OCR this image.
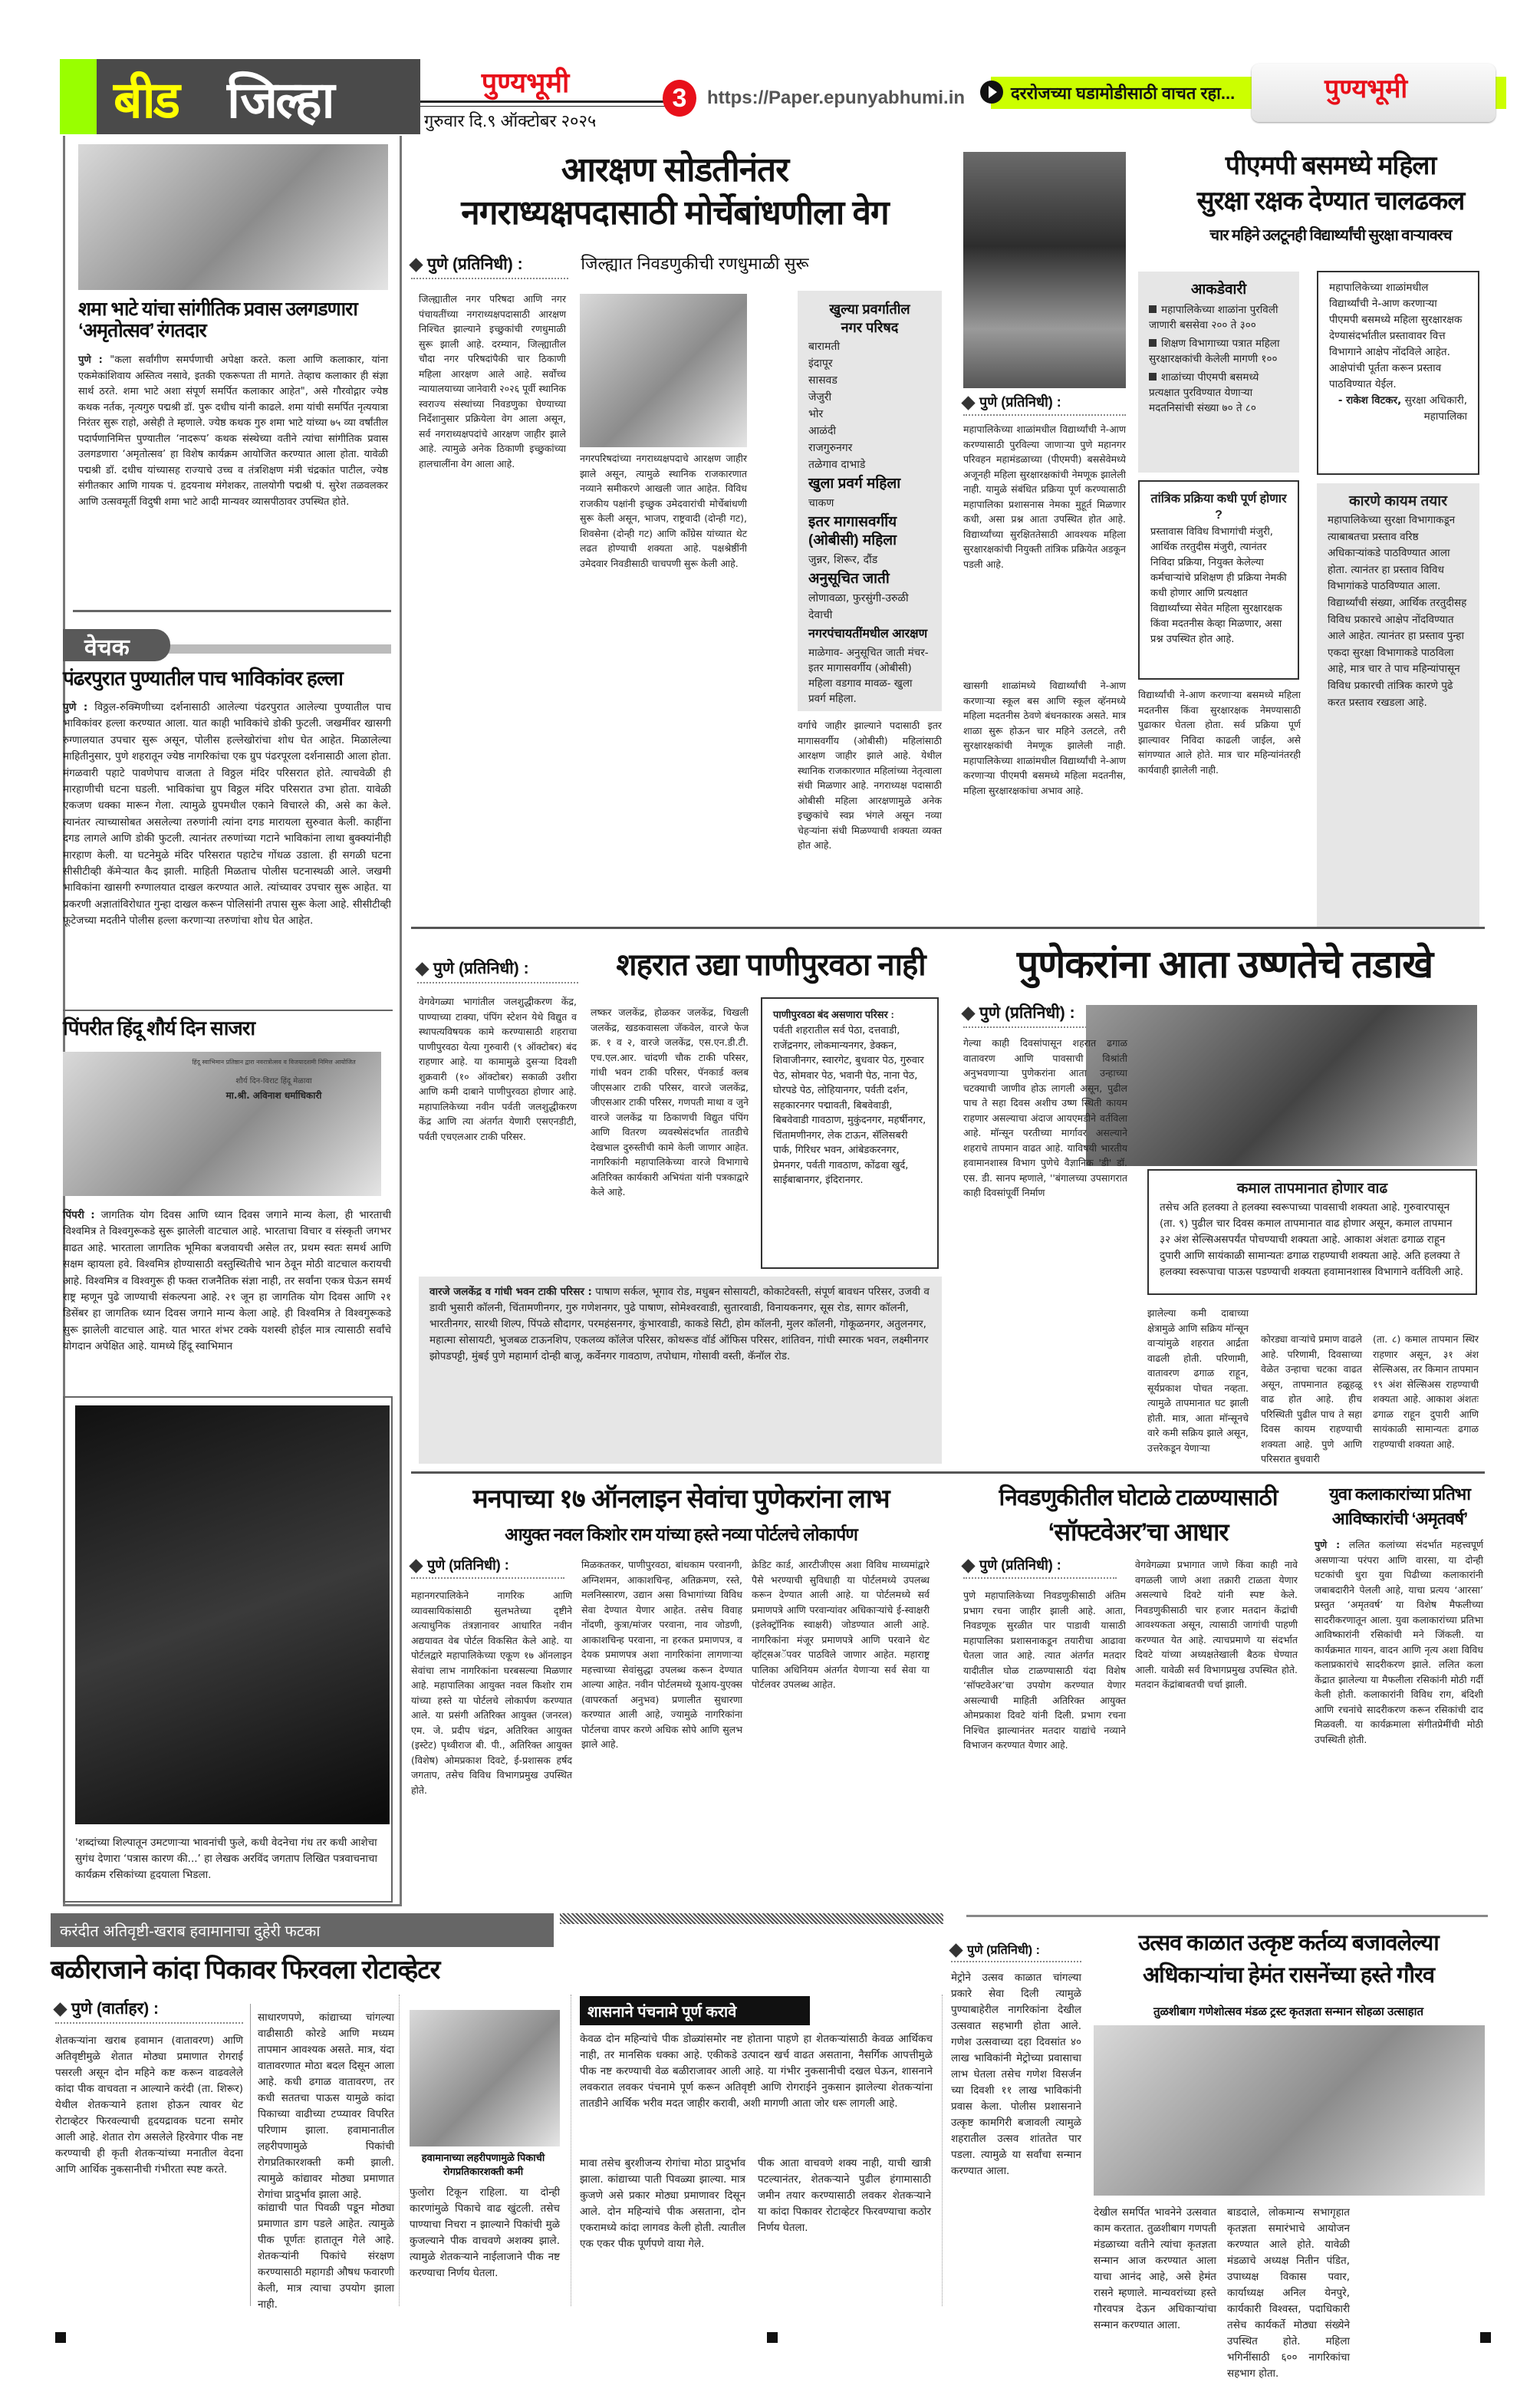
बीड जिल्हा	पुण्यभूमी
गुरुवार दि.९ ऑक्टोबर २०२५
3	https://Paper.epunyabhumi.in	दररोजच्या घडामोडीसाठी वाचत रहा...	पुण्यभूमी
शमा भाटे यांचा सांगीतिक प्रवास उलगडणारा ‘अमृतोत्सव’ रंगतदार
पुणे : "कला सर्वांगीण समर्पणाची अपेक्षा करते. कला आणि कलाकार, यांना एकमेकांशिवाय अस्तित्व नसावे, इतकी एकरूपता ती मागते. तेव्हाच कलाकार ही संज्ञा सार्थ ठरते. शमा भाटे अशा संपूर्ण समर्पित कलाकार आहेत", असे गौरवोद्गार ज्येष्ठ कथक नर्तक, नृत्यगुरु पद्मश्री डॉ. पुरू दधीच यांनी काढले. शमा यांची समर्पित नृत्ययात्रा निरंतर सुरू राहो, असेही ते म्हणाले. ज्येष्ठ कथक गुरु शमा भाटे यांच्या ७५ व्या वर्षांतील पदार्पणानिमित्त पुण्यातील ‘नादरूप’ कथक संस्थेच्या वतीने त्यांचा सांगीतिक प्रवास उलगडणारा ‘अमृतोत्सव’ हा विशेष कार्यक्रम आयोजित करण्यात आला होता. यावेळी पद्मश्री डॉ. दधीच यांच्यासह राज्याचे उच्च व तंत्रशिक्षण मंत्री चंद्रकांत पाटील, ज्येष्ठ संगीतकार आणि गायक पं. हृदयनाथ मंगेशकर, तालयोगी पद्मश्री पं. सुरेश तळवलकर आणि उत्सवमूर्ती विदुषी शमा भाटे आदी मान्यवर व्यासपीठावर उपस्थित होते.
वेचक
पंढरपुरात पुण्यातील पाच भाविकांवर हल्ला
पुणे : विठ्ठल-रुक्मिणीच्या दर्शनासाठी आलेल्या पंढरपुरात आलेल्या पुण्यातील पाच भाविकांवर हल्ला करण्यात आला. यात काही भाविकांचे डोकी फुटली. जखमींवर खासगी रुग्णालयात उपचार सुरू असून, पोलीस हल्लेखोरांचा शोध घेत आहेत. मिळालेल्या माहितीनुसार, पुणे शहरातून ज्येष्ठ नागरिकांचा एक ग्रुप पंढरपूरला दर्शनासाठी आला होता. मंगळवारी पहाटे पावणेपाच वाजता ते विठ्ठल मंदिर परिसरात होते. त्याचवेळी ही मारहाणीची घटना घडली. भाविकांचा ग्रुप विठ्ठल मंदिर परिसरात उभा होता. यावेळी एकजण धक्का मारून गेला. त्यामुळे ग्रुपमधील एकाने विचारले की, असे का केले. त्यानंतर त्याच्यासोबत असलेल्या तरुणांनी त्यांना दगड मारायला सुरुवात केली. काहींना दगड लागले आणि डोकी फुटली. त्यानंतर तरुणांच्या गटाने भाविकांना लाथा बुक्क्यांनीही मारहाण केली. या घटनेमुळे मंदिर परिसरात पहाटेच गोंधळ उडाला. ही सगळी घटना सीसीटीव्ही कॅमेऱ्यात कैद झाली. माहिती मिळताच पोलीस घटनास्थळी आले. जखमी भाविकांना खासगी रुग्णालयात दाखल करण्यात आले. त्यांच्यावर उपचार सुरू आहेत. या प्रकरणी अज्ञातांविरोधात गुन्हा दाखल करून पोलिसांनी तपास सुरू केला आहे. सीसीटीव्ही फूटेजच्या मदतीने पोलीस हल्ला करणाऱ्या तरुणांचा शोध घेत आहेत.
पिंपरीत हिंदू शौर्य दिन साजरा
हिंदू स्वाभिमान प्रतिष्ठान द्वारा नवरात्रोत्सव व विजयादशमी निमित्त आयोजित
शौर्य दिन-विराट हिंदू मेळावा
मा.श्री. अविनाश धर्माधिकारी
पिंपरी : जागतिक योग दिवस आणि ध्यान दिवस जगाने मान्य केला, ही भारताची विश्वमित्र ते विश्वगुरूकडे सुरू झालेली वाटचाल आहे. भारताचा विचार व संस्कृती जगभर वाढत आहे. भारताला जागतिक भूमिका बजवायची असेल तर, प्रथम स्वतः समर्थ आणि सक्षम व्हायला हवे. विश्वमित्र होण्यासाठी वस्तुस्थितीचे भान ठेवून मोठी वाटचाल करायची आहे. विश्वमित्र व विश्वगुरू ही फक्त राजनैतिक संज्ञा नाही, तर सर्वांना एकत्र घेऊन समर्थ राष्ट्र म्हणून पुढे जाण्याची संकल्पना आहे. २१ जून हा जागतिक योग दिवस आणि २१ डिसेंबर हा जागतिक ध्यान दिवस जगाने मान्य केला आहे. ही विश्वमित्र ते विश्वगुरूकडे सुरू झालेली वाटचाल आहे. यात भारत शंभर टक्के यशस्वी होईल मात्र त्यासाठी सर्वांचे योगदान अपेक्षित आहे. यामध्ये हिंदू स्वाभिमान
'शब्दांच्या शिल्पातून उमटणाऱ्या भावनांची फुले, कधी वेदनेचा गंध तर कधी आशेचा सुगंध देणारा ‘पत्रास कारण की...’ हा लेखक अरविंद जगताप लिखित पत्रवाचनाचा कार्यक्रम रसिकांच्या हृदयाला भिडला.
आरक्षण सोडतीनंतर
नगराध्यक्षपदासाठी मोर्चेबांधणीला वेग
पुणे (प्रतिनिधी) :	जिल्ह्यात निवडणुकीची रणधुमाळी सुरू
जिल्ह्यातील नगर परिषदा आणि नगर पंचायतींच्या नगराध्यक्षपदासाठी आरक्षण निश्चित झाल्याने इच्छुकांची रणधुमाळी सुरू झाली आहे. दरम्यान, जिल्ह्यातील चौदा नगर परिषदांपैकी चार ठिकाणी महिला आरक्षण आले आहे. सर्वोच्च न्यायालयाच्या जानेवारी २०२६ पूर्वी स्थानिक स्वराज्य संस्थांच्या निवडणुका घेण्याच्या निर्देशानुसार प्रक्रियेला वेग आला असून, सर्व नगराध्यक्षपदांचे आरक्षण जाहीर झाले आहे. त्यामुळे अनेक ठिकाणी इच्छुकांच्या हालचालींना वेग आला आहे.	नगरपरिषदांच्या नगराध्यक्षपदाचे आरक्षण जाहीर झाले असून, त्यामुळे स्थानिक राजकारणात नव्याने समीकरणे आखली जात आहेत. विविध राजकीय पक्षांनी इच्छुक उमेदवारांची मोर्चेबांधणी सुरू केली असून, भाजप, राष्ट्रवादी (दोन्ही गट), शिवसेना (दोन्ही गट) आणि काँग्रेस यांच्यात थेट लढत होण्याची शक्यता आहे. पक्षश्रेष्ठींनी उमेदवार निवडीसाठी चाचपणी सुरू केली आहे.
खुल्या प्रवर्गातील
नगर परिषद
बारामती
इंदापूर
सासवड
जेजुरी
भोर
आळंदी
राजगुरुनगर
तळेगाव दाभाडे
खुला प्रवर्ग महिला
चाकण
इतर मागासवर्गीय (ओबीसी) महिला
जुन्नर, शिरूर, दौंड
अनुसूचित जाती
लोणावळा, फुरसुंगी-उरुळी देवाची
नगरपंचायतींमधील आरक्षण
माळेगाव- अनुसूचित जाती मंचर- इतर मागासवर्गीय (ओबीसी) महिला वडगाव मावळ- खुला प्रवर्ग महिला.
वर्गाचे जाहीर झाल्याने पदासाठी इतर मागासवर्गीय (ओबीसी) महिलांसाठी आरक्षण जाहीर झाले आहे. येथील स्थानिक राजकारणात महिलांच्या नेतृत्वाला संधी मिळणार आहे. नगराध्यक्ष पदासाठी ओबीसी महिला आरक्षणामुळे अनेक इच्छुकांचे स्वप्न भंगले असून नव्या चेहऱ्यांना संधी मिळण्याची शक्यता व्यक्त होत आहे.
पीएमपी बसमध्ये महिला
सुरक्षा रक्षक देण्यात चालढकल
चार महिने उलटूनही विद्यार्थ्यांची सुरक्षा वाऱ्यावरच
आकडेवारी
महापालिकेच्या शाळांना पुरविली जाणारी बससेवा २०० ते ३००
शिक्षण विभागाच्या पत्रात महिला सुरक्षारक्षकांची केलेली मागणी १००
शाळांच्या पीएमपी बसमध्ये प्रत्यक्षात पुरविण्यात येणाऱ्या मदतनिसांची संख्या ७० ते ८०
महापालिकेच्या शाळांमधील विद्यार्थ्यांची ने-आण करणाऱ्या पीएमपी बसमध्ये महिला सुरक्षारक्षक देण्यासंदर्भातील प्रस्तावावर वित्त विभागाने आक्षेप नोंदविले आहेत. आक्षेपांची पूर्तता करून प्रस्ताव पाठविण्यात येईल.

- राकेश विटकर, सुरक्षा अधिकारी, महापालिका
तांत्रिक प्रक्रिया कधी पूर्ण होणार ?
प्रस्तावास विविध विभागांची मंजुरी, आर्थिक तरतुदीस मंजुरी, त्यानंतर निविदा प्रक्रिया, नियुक्त केलेल्या कर्मचाऱ्यांचे प्रशिक्षण ही प्रक्रिया नेमकी कधी होणार आणि प्रत्यक्षात विद्यार्थ्यांच्या सेवेत महिला सुरक्षारक्षक किंवा मदतनीस केव्हा मिळणार, असा प्रश्न उपस्थित होत आहे.
कारणे कायम तयार
महापालिकेच्या सुरक्षा विभागाकडून त्याबाबतचा प्रस्ताव वरिष्ठ अधिकाऱ्यांकडे पाठविण्यात आला होता. त्यानंतर हा प्रस्ताव विविध विभागांकडे पाठविण्यात आला. विद्यार्थ्यांची संख्या, आर्थिक तरतुदीसह विविध प्रकारचे आक्षेप नोंदविण्यात आले आहेत. त्यानंतर हा प्रस्ताव पुन्हा एकदा सुरक्षा विभागाकडे पाठविला आहे, मात्र चार ते पाच महिन्यांपासून विविध प्रकारची तांत्रिक कारणे पुढे करत प्रस्ताव रखडला आहे.
पुणे (प्रतिनिधी) :
महापालिकेच्या शाळांमधील विद्यार्थ्यांची ने-आण करण्यासाठी पुरविल्या जाणाऱ्या पुणे महानगर परिवहन महामंडळाच्या (पीएमपी) बससेवेमध्ये अजूनही महिला सुरक्षारक्षकांची नेमणूक झालेली नाही. यामुळे संबंधित प्रक्रिया पूर्ण करण्यासाठी महापालिका प्रशासनास नेमका मुहूर्त मिळणार कधी, असा प्रश्न आता उपस्थित होत आहे. विद्यार्थ्यांच्या सुरक्षिततेसाठी आवश्यक महिला सुरक्षारक्षकांची नियुक्ती तांत्रिक प्रक्रियेत अडकून पडली आहे.
खासगी शाळांमध्ये विद्यार्थ्यांची ने-आण करणाऱ्या स्कूल बस आणि स्कूल व्हॅनमध्ये महिला मदतनीस ठेवणे बंधनकारक असते. मात्र शाळा सुरू होऊन चार महिने उलटले, तरी सुरक्षारक्षकांची नेमणूक झालेली नाही. महापालिकेच्या शाळांमधील विद्यार्थ्यांची ने-आण करणाऱ्या पीएमपी बसमध्ये महिला मदतनीस, महिला सुरक्षारक्षकांचा अभाव आहे.
विद्यार्थ्यांची ने-आण करणाऱ्या बसमध्ये महिला मदतनीस किंवा सुरक्षारक्षक नेमण्यासाठी पुढाकार घेतला होता. सर्व प्रक्रिया पूर्ण झाल्यावर निविदा काढली जाईल, असे सांगण्यात आले होते. मात्र चार महिन्यांनंतरही कार्यवाही झालेली नाही.
पुणे (प्रतिनिधी) :	शहरात उद्या पाणीपुरवठा नाही
वेगवेगळ्या भागांतील जलशुद्धीकरण केंद्र, पाण्याच्या टाक्या, पंपिंग स्टेशन येथे विद्युत व स्थापत्यविषयक कामे करण्यासाठी शहराचा पाणीपुरवठा येत्या गुरुवारी (९ ऑक्टोबर) बंद राहणार आहे. या कामामुळे दुसऱ्या दिवशी शुक्रवारी (१० ऑक्टोबर) सकाळी उशीरा आणि कमी दाबाने पाणीपुरवठा होणार आहे. महापालिकेच्या नवीन पर्वती जलशुद्धीकरण केंद्र आणि त्या अंतर्गत येणारी एसएनडीटी, पर्वती एचएलआर टाकी परिसर.
लष्कर जलकेंद्र, होळकर जलकेंद्र, चिखली जलकेंद्र, खडकवासला जॅकवेल, वारजे फेज क्र. १ व २, वारजे जलकेंद्र, एस.एन.डी.टी. एच.एल.आर. चांदणी चौक टाकी परिसर, गांधी भवन टाकी परिसर, पॅनकार्ड क्लब जीएसआर टाकी परिसर, वारजे जलकेंद्र, जीएसआर टाकी परिसर, गणपती माथा व जुने वारजे जलकेंद्र या ठिकाणची विद्युत पंपिंग आणि वितरण व्यवस्थेसंदर्भात तातडीचे देखभाल दुरुस्तीची कामे केली जाणार आहेत. नागरिकांनी महापालिकेच्या वारजे विभागाचे अतिरिक्त कार्यकारी अभियंता यांनी पत्रकाद्वारे केले आहे.
पाणीपुरवठा बंद असणारा परिसर :
पर्वती शहरातील सर्व पेठा, दत्तवाडी, राजेंद्रनगर, लोकमान्यनगर, डेक्कन, शिवाजीनगर, स्वारगेट, बुधवार पेठ, गुरुवार पेठ, सोमवार पेठ, भवानी पेठ, नाना पेठ, घोरपडे पेठ, लोहियानगर, पर्वती दर्शन, सहकारनगर पद्मावती, बिबवेवाडी, बिबवेवाडी गावठाण, मुकुंदनगर, महर्षीनगर, चिंतामणीनगर, लेक टाऊन, सॅलिसबरी पार्क, गिरिधर भवन, आंबेडकरनगर, प्रेमनगर, पर्वती गावठाण, कोंढवा खुर्द, साईबाबानगर, इंदिरानगर.
वारजे जलकेंद्र व गांधी भवन टाकी परिसर : पाषाण सर्कल, भूगाव रोड, मधुबन सोसायटी, कोकाटेवस्ती, संपूर्ण बावधन परिसर, उजवी व डावी भुसारी कॉलनी, चिंतामणीनगर, गुरु गणेशनगर, पुढे पाषाण, सोमेश्वरवाडी, सुतारवाडी, विनायकनगर, सूस रोड, सागर कॉलनी, भारतीनगर, सारथी शिल्प, पिंपळे सौदागर, परमहंसनगर, कुंभारवाडी, काकडे सिटी, होम कॉलनी, मुलर कॉलनी, गोकूळनगर, अतुलनगर, महात्मा सोसायटी, भुजबळ टाऊनशिप, एकलव्य कॉलेज परिसर, कोथरूड वॉर्ड ऑफिस परिसर, शांतिवन, गांधी स्मारक भवन, लक्ष्मीनगर झोपडपट्टी, मुंबई पुणे महामार्ग दोन्ही बाजू, कर्वेनगर गावठाण, तपोधाम, गोसावी वस्ती, कॅनॉल रोड.
पुणेकरांना आता उष्णतेचे तडाखे
पुणे (प्रतिनिधी) :
गेल्या काही दिवसांपासून शहरात ढगाळ वातावरण आणि पावसाची विश्रांती अनुभवणाऱ्या पुणेकरांना आता उन्हाच्या चटक्याची जाणीव होऊ लागली असून, पुढील पाच ते सहा दिवस अशीच उष्ण स्थिती कायम राहणार असल्याचा अंदाज आयएमडीने वर्तविला आहे. मॉन्सून परतीच्या मार्गावर असल्याने शहराचे तापमान वाढत आहे. याविषयी भारतीय हवामानशास्त्र विभाग पुणेचे वैज्ञानिक 'डी' डॉ. एस. डी. सानप म्हणाले, ''बंगालच्या उपसागरात काही दिवसांपूर्वी निर्माण	कमाल तापमानात होणार वाढ
तसेच अति हलक्या ते हलक्या स्वरूपाच्या पावसाची शक्यता आहे. गुरुवारपासून (ता. ९) पुढील चार दिवस कमाल तापमानात वाढ होणार असून, कमाल तापमान ३२ अंश सेल्सिअसपर्यंत पोचण्याची शक्यता आहे. आकाश अंशतः ढगाळ राहून दुपारी आणि सायंकाळी सामान्यतः ढगाळ राहण्याची शक्यता आहे. अति हलक्या ते हलक्या स्वरूपाचा पाऊस पडण्याची शक्यता हवामानशास्त्र विभागाने वर्तविली आहे.
झालेल्या कमी दाबाच्या क्षेत्रामुळे आणि सक्रिय मॉन्सून वाऱ्यांमुळे शहरात आर्द्रता वाढली होती. परिणामी, वातावरण ढगाळ राहून, सूर्यप्रकाश पोचत नव्हता. त्यामुळे तापमानात घट झाली होती. मात्र, आता मॉन्सूनचे वारे कमी सक्रिय झाले असून, उत्तरेकडून येणाऱ्या
कोरड्या वाऱ्यांचे प्रमाण वाढले आहे. परिणामी, दिवसाच्या वेळेत उन्हाचा चटका वाढत असून, तापमानात हळूहळू वाढ होत आहे. हीच परिस्थिती पुढील पाच ते सहा दिवस कायम राहण्याची शक्यता आहे. पुणे आणि परिसरात बुधवारी
(ता. ८) कमाल तापमान स्थिर राहणार असून, ३१ अंश सेल्सिअस, तर किमान तापमान १९ अंश सेल्सिअस राहण्याची शक्यता आहे. आकाश अंशतः ढगाळ राहून दुपारी आणि सायंकाळी सामान्यतः ढगाळ राहण्याची शक्यता आहे.
मनपाच्या १७ ऑनलाइन सेवांचा पुणेकरांना लाभ
आयुक्त नवल किशोर राम यांच्या हस्ते नव्या पोर्टलचे लोकार्पण
पुणे (प्रतिनिधी) :
महानगरपालिकेने नागरिक आणि व्यावसायिकांसाठी सुलभतेच्या दृष्टीने अत्याधुनिक तंत्रज्ञानावर आधारित नवीन अद्ययावत वेब पोर्टल विकसित केले आहे. या पोर्टलद्वारे महापालिकेच्या एकूण १७ ऑनलाइन सेवांचा लाभ नागरिकांना घरबसल्या मिळणार आहे. महापालिका आयुक्त नवल किशोर राम यांच्या हस्ते या पोर्टलचे लोकार्पण करण्यात आले. या प्रसंगी अतिरिक्त आयुक्त (जनरल) एम. जे. प्रदीप चंद्रन, अतिरिक्त आयुक्त (इस्टेट) पृथ्वीराज बी. पी., अतिरिक्त आयुक्त (विशेष) ओमप्रकाश दिवटे, ई-प्रशासक हर्षद जगताप, तसेच विविध विभागप्रमुख उपस्थित होते.
मिळकतकर, पाणीपुरवठा, बांधकाम परवानगी, अग्निशमन, आकाशचिन्ह, अतिक्रमण, रस्ते, मलनिस्सारण, उद्यान असा विभागांच्या विविध सेवा देण्यात येणार आहेत. तसेच विवाह नोंदणी, कुत्रा/मांजर परवाना, नाव जोडणी, आकाशचिन्ह परवाना, ना हरकत प्रमाणपत्र, व देयक प्रमाणपत्र अशा नागरिकांना लागणाऱ्या महत्त्वाच्या सेवांसुद्धा उपलब्ध करून देण्यात आल्या आहेत. नवीन पोर्टलमध्ये यूआय-युएक्स (वापरकर्ता अनुभव) प्रणालीत सुधारणा करण्यात आली आहे, ज्यामुळे नागरिकांना पोर्टलचा वापर करणे अधिक सोपे आणि सुलभ झाले आहे.
क्रेडिट कार्ड, आरटीजीएस अशा विविध माध्यमांद्वारे पैसे भरण्याची सुविधाही या पोर्टलमध्ये उपलब्ध करून देण्यात आली आहे. या पोर्टलमध्ये सर्व प्रमाणपत्रे आणि परवान्यांवर अधिकाऱ्यांचे ई-स्वाक्षरी (इलेक्ट्रॉनिक स्वाक्षरी) जोडण्यात आली आहे. नागरिकांना मंजूर प्रमाणपत्रे आणि परवाने थेट व्हॉट्सअॅपवर पाठविले जाणार आहेत. महाराष्ट्र पालिका अधिनियम अंतर्गत येणाऱ्या सर्व सेवा या पोर्टलवर उपलब्ध आहेत.
निवडणुकीतील घोटाळे टाळण्यासाठी
‘सॉफ्टवेअर’चा आधार
पुणे (प्रतिनिधी) :
पुणे महापालिकेच्या निवडणुकीसाठी अंतिम प्रभाग रचना जाहीर झाली आहे. आता, निवडणूक सुरळीत पार पाडावी यासाठी महापालिका प्रशासनाकडून तयारीचा आढावा घेतला जात आहे. त्यात अंतर्गत मतदार यादीतील घोळ टाळण्यासाठी यंदा विशेष ‘सॉफ्टवेअर’चा उपयोग करण्यात येणार असल्याची माहिती अतिरिक्त आयुक्त ओमप्रकाश दिवटे यांनी दिली. प्रभाग रचना निश्चित झाल्यानंतर मतदार याद्यांचे नव्याने विभाजन करण्यात येणार आहे.
वेगवेगळ्या प्रभागात जाणे किंवा काही नावे वगळली जाणे अशा तक्रारी टाळता येणार असल्याचे दिवटे यांनी स्पष्ट केले. निवडणुकीसाठी चार हजार मतदान केंद्रांची आवश्यकता असून, त्यासाठी जागांची पाहणी करण्यात येत आहे. त्याचप्रमाणे या संदर्भात दिवटे यांच्या अध्यक्षतेखाली बैठक घेण्यात आली. यावेळी सर्व विभागप्रमुख उपस्थित होते. मतदान केंद्रांबाबतची चर्चा झाली.
युवा कलाकारांच्या प्रतिभा
आविष्कारांची ‘अमृतवर्ष’
पुणे : ललित कलांच्या संदर्भात महत्त्वपूर्ण असणाऱ्या परंपरा आणि वारसा, या दोन्ही घटकांची धुरा युवा पिढीच्या कलाकारांनी जबाबदारीने पेलली आहे, याचा प्रत्यय ‘आरसा’ प्रस्तुत ‘अमृतवर्ष’ या विशेष मैफलीच्या सादरीकरणातून आला. युवा कलाकारांच्या प्रतिभा आविष्कारांनी रसिकांची मने जिंकली. या कार्यक्रमात गायन, वादन आणि नृत्य अशा विविध कलाप्रकारांचे सादरीकरण झाले. ललित कला केंद्रात झालेल्या या मैफलीला रसिकांनी मोठी गर्दी केली होती. कलाकारांनी विविध राग, बंदिशी आणि रचनांचे सादरीकरण करून रसिकांची दाद मिळवली. या कार्यक्रमाला संगीतप्रेमींची मोठी उपस्थिती होती.
करंदीत अतिवृष्टी-खराब हवामानाचा दुहेरी फटका
बळीराजाने कांदा पिकावर फिरवला रोटाव्हेटर
पुणे (वार्ताहर) :
शेतकऱ्यांना खराब हवामान (वातावरण) आणि अतिवृष्टीमुळे शेतात मोठ्या प्रमाणात रोगराई पसरली असून दोन महिने कष्ट करून वाढवलेले कांदा पीक वाचवता न आल्याने करंदी (ता. शिरूर) येथील शेतकऱ्याने हताश होऊन त्यावर थेट रोटाव्हेटर फिरवल्याची हृदयद्रावक घटना समोर आली आहे. शेतात रोग असलेले हिरवेगार पीक नष्ट करण्याची ही कृती शेतकऱ्यांच्या मनातील वेदना आणि आर्थिक नुकसानीची गंभीरता स्पष्ट करते.
साधारणपणे, कांद्याच्या चांगल्या वाढीसाठी कोरडे आणि मध्यम तापमान आवश्यक असते. मात्र, यंदा वातावरणात मोठा बदल दिसून आला आहे. कधी ढगाळ वातावरण, तर कधी सततचा पाऊस यामुळे कांदा पिकाच्या वाढीच्या टप्प्यावर विपरित परिणाम झाला. हवामानातील लहरीपणामुळे पिकांची रोगप्रतिकारशक्ती कमी झाली. त्यामुळे कांद्यावर मोठ्या प्रमाणात रोगांचा प्रादुर्भाव झाला आहे.
हवामानाच्या लहरीपणामुळे पिकाची रोगप्रतिकारशक्ती कमी
कांद्याची पात पिवळी पडून मोठ्या प्रमाणात डाग पडले आहेत. त्यामुळे पीक पूर्णतः हातातून गेले आहे. शेतकऱ्यांनी पिकांचे संरक्षण करण्यासाठी महागडी औषध फवारणी केली, मात्र त्याचा उपयोग झाला नाही.
फुलोरा टिकून राहिला. या दोन्ही कारणांमुळे पिकाचे वाढ खुंटली. तसेच पाण्याचा निचरा न झाल्याने पिकांची मुळे कुजल्याने पीक वाचवणे अशक्य झाले. त्यामुळे शेतकऱ्याने नाईलाजाने पीक नष्ट करण्याचा निर्णय घेतला.
शासनाने पंचनामे पूर्ण करावे
केवळ दोन महिन्यांचे पीक डोळ्यांसमोर नष्ट होताना पाहणे हा शेतकऱ्यांसाठी केवळ आर्थिकच नाही, तर मानसिक धक्का आहे. एकीकडे उत्पादन खर्च वाढत असताना, नैसर्गिक आपत्तीमुळे पीक नष्ट करण्याची वेळ बळीराजावर आली आहे. या गंभीर नुकसानीची दखल घेऊन, शासनाने लवकरात लवकर पंचनामे पूर्ण करून अतिवृष्टी आणि रोगराईने नुकसान झालेल्या शेतकऱ्यांना तातडीने आर्थिक भरीव मदत जाहीर करावी, अशी मागणी आता जोर धरू लागली आहे.
मावा तसेच बुरशीजन्य रोगांचा मोठा प्रादुर्भाव झाला. कांद्याच्या पाती पिवळ्या झाल्या. मात्र कुजणे असे प्रकार मोठ्या प्रमाणावर दिसून आले. दोन महिन्यांचे पीक असताना, दोन एकरामध्ये कांदा लागवड केली होती. त्यातील एक एकर पीक पूर्णपणे वाया गेले.
पीक आता वाचवणे शक्य नाही, याची खात्री पटल्यानंतर, शेतकऱ्याने पुढील हंगामासाठी जमीन तयार करण्यासाठी लवकर शेतकऱ्याने या कांदा पिकावर रोटाव्हेटर फिरवण्याचा कठोर निर्णय घेतला.
पुणे (प्रतिनिधी) :	उत्सव काळात उत्कृष्ट कर्तव्य बजावलेल्या
अधिकाऱ्यांचा हेमंत रासनेंच्या हस्ते गौरव
तुळशीबाग गणेशोत्सव मंडळ ट्रस्ट कृतज्ञता सन्मान सोहळा उत्साहात
मेट्रोने उत्सव काळात चांगल्या प्रकारे सेवा दिली त्यामुळे पुण्याबाहेरील नागरिकांना देखील उत्सवात सहभागी होता आले. गणेश उत्सवाच्या दहा दिवसांत ४० लाख भाविकांनी मेट्रोच्या प्रवासाचा लाभ घेतला तसेच गणेश विसर्जन च्या दिवशी ११ लाख भाविकांनी प्रवास केला. पोलीस प्रशासनाने उत्कृष्ट कामगिरी बजावली त्यामुळे शहरातील उत्सव शांततेत पार पडला. त्यामुळे या सर्वांचा सन्मान करण्यात आला.
देखील समर्पित भावनेने उत्सवात काम करतात. तुळशीबाग गणपती मंडळाच्या वतीने त्यांचा कृतज्ञता सन्मान आज करण्यात आला याचा आनंद आहे, असे हेमंत रासने म्हणाले. मान्यवरांच्या हस्ते गौरवपत्र देऊन अधिकाऱ्यांचा सन्मान करण्यात आला.
बाडदाले, लोकमान्य सभागृहात कृतज्ञता समारंभाचे आयोजन करण्यात आले होते. यावेळी मंडळाचे अध्यक्ष नितीन पंडित, उपाध्यक्ष विकास पवार, कार्याध्यक्ष अनिल येनपुरे, कार्यकारी विश्वस्त, पदाधिकारी तसेच कार्यकर्ते मोठ्या संख्येने उपस्थित होते. महिला भगिनींसाठी ६०० नागरिकांचा सहभाग होता.
